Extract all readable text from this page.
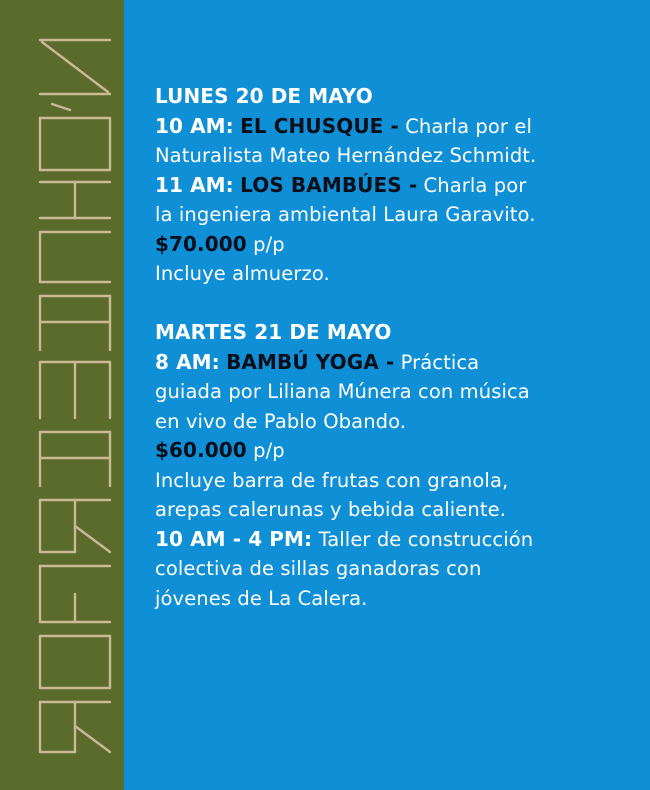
LUNES 20 DE MAYO
10 AM: EL CHUSQUE - Charla por el
Naturalista Mateo Hernández Schmidt.
11 AM: LOS BAMBÚES - Charla por
la ingeniera ambiental Laura Garavito.
$70.000 p/p
Incluye almuerzo.
MARTES 21 DE MAYO
8 AM: BAMBÚ YOGA - Práctica
guiada por Liliana Múnera con música
en vivo de Pablo Obando.
$60.000 p/p
Incluye barra de frutas con granola,
arepas calerunas y bebida caliente.
10 AM - 4 PM: Taller de construcción
colectiva de sillas ganadoras con
jóvenes de La Calera.
